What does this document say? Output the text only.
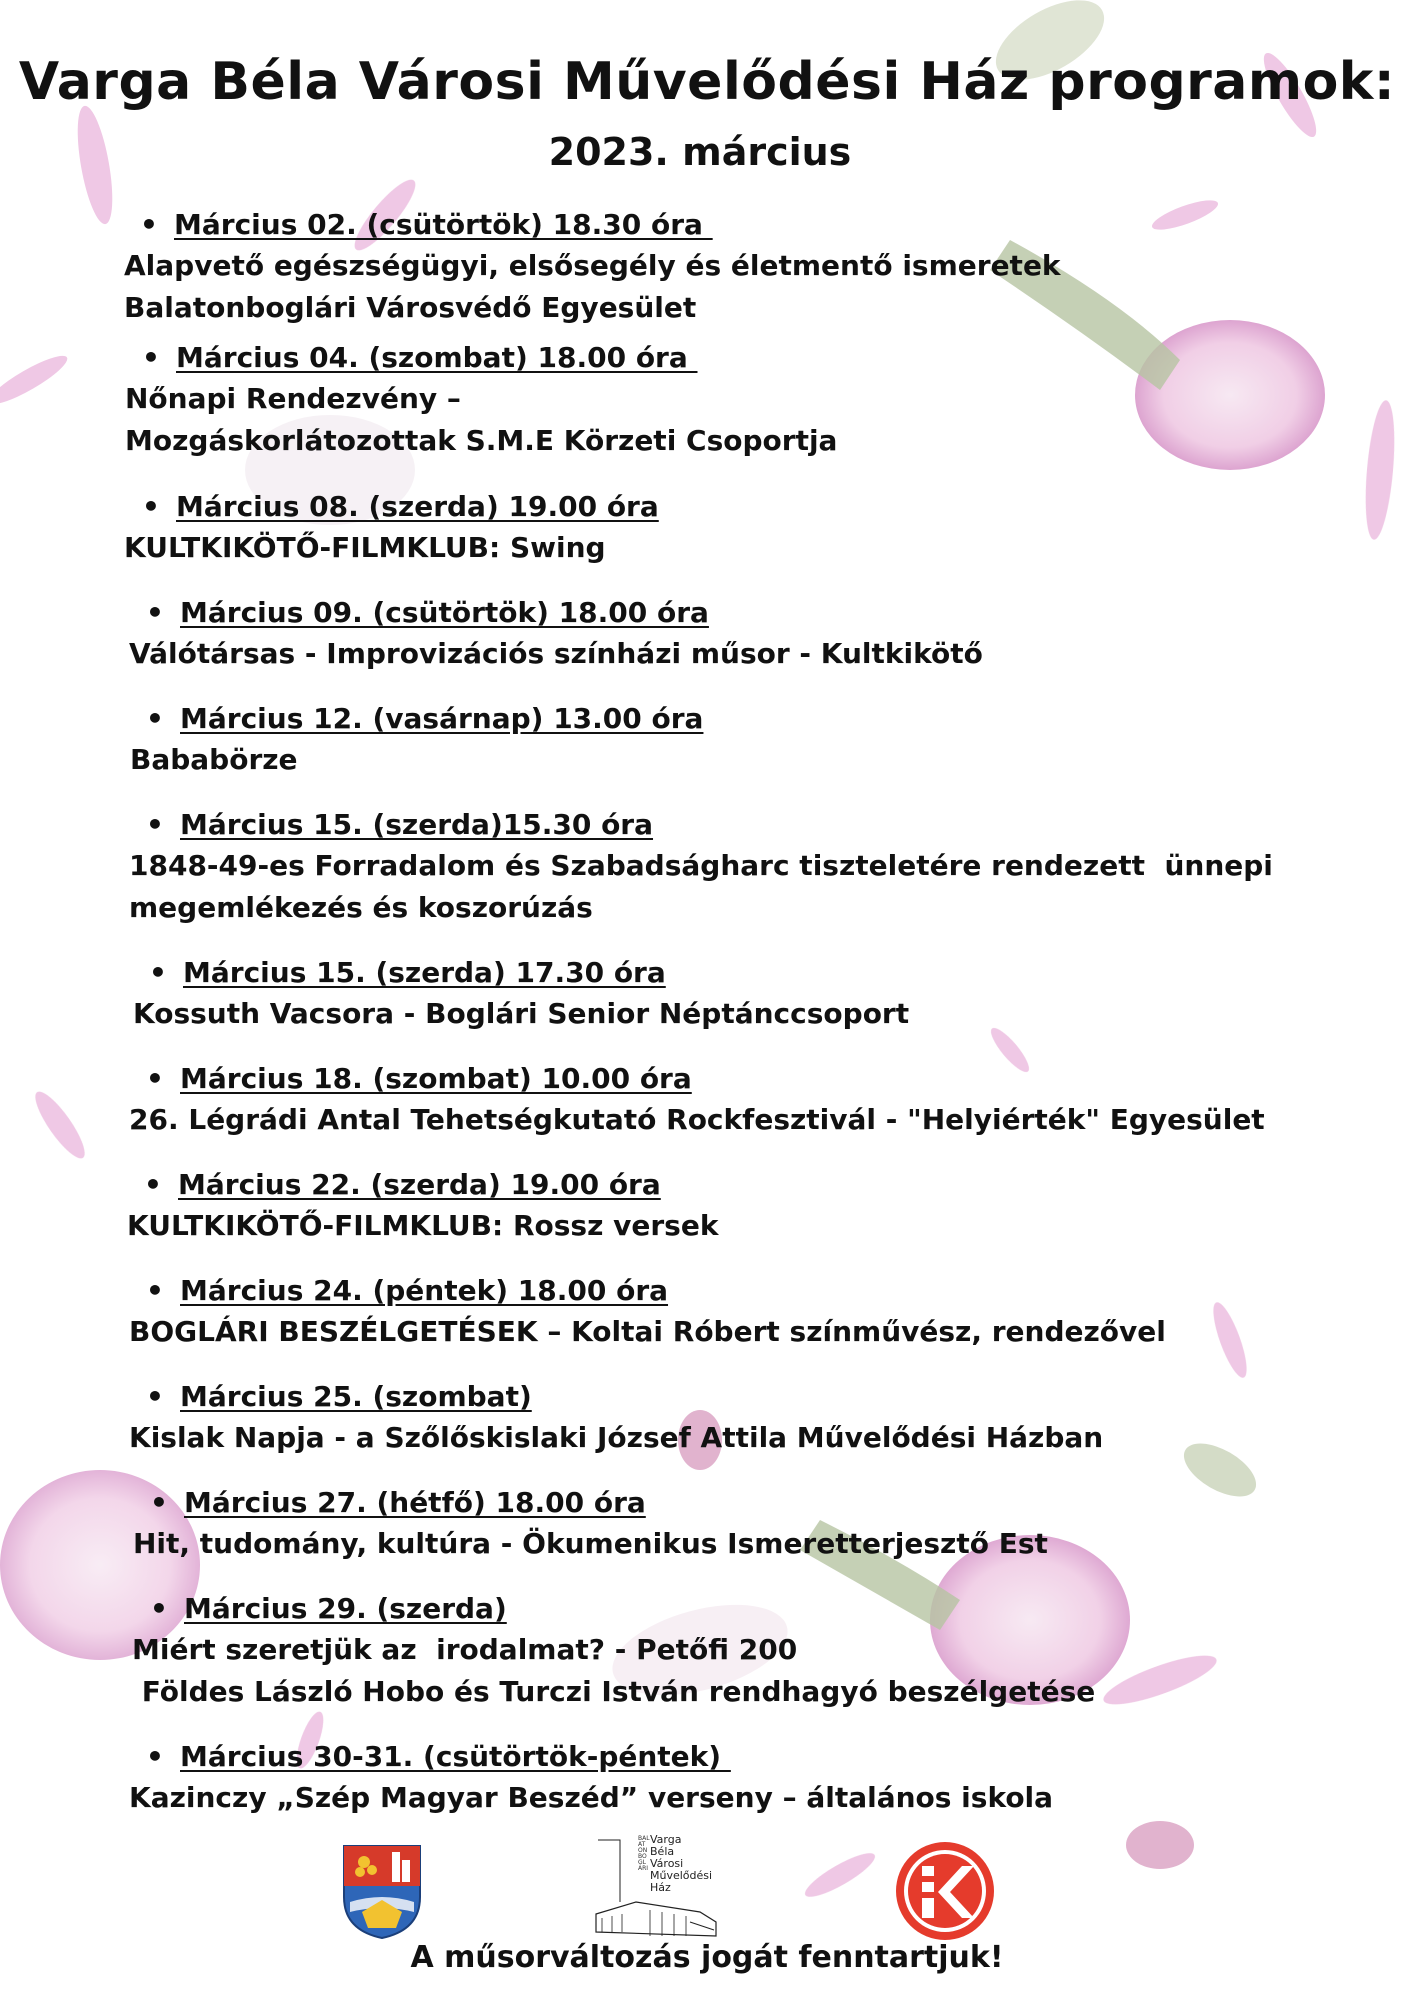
Varga Béla Városi Művelődési Ház programok:
2023. március
• Március 02. (csütörtök) 18.30 óra
Alapvető egészségügyi, elsősegély és életmentő ismeretek
Balatonboglári Városvédő Egyesület
• Március 04. (szombat) 18.00 óra
Nőnapi Rendezvény –
Mozgáskorlátozottak S.M.E Körzeti Csoportja
• Március 08. (szerda) 19.00 óra
KULTKIKÖTŐ-FILMKLUB: Swing
• Március 09. (csütörtök) 18.00 óra
Válótársas - Improvizációs színházi műsor - Kultkikötő
• Március 12. (vasárnap) 13.00 óra
Bababörze
• Március 15. (szerda)15.30 óra
1848-49-es Forradalom és Szabadságharc tiszteletére rendezett  ünnepi
megemlékezés és koszorúzás
• Március 15. (szerda) 17.30 óra
Kossuth Vacsora - Boglári Senior Néptánccsoport
• Március 18. (szombat) 10.00 óra
26. Légrádi Antal Tehetségkutató Rockfesztivál - "Helyiérték" Egyesület
• Március 22. (szerda) 19.00 óra
KULTKIKÖTŐ-FILMKLUB: Rossz versek
• Március 24. (péntek) 18.00 óra
BOGLÁRI BESZÉLGETÉSEK – Koltai Róbert színművész, rendezővel
• Március 25. (szombat)
Kislak Napja - a Szőlőskislaki József Attila Művelődési Házban
• Március 27. (hétfő) 18.00 óra
Hit, tudomány, kultúra - Ökumenikus Ismeretterjesztő Est
• Március 29. (szerda)
Miért szeretjük az  irodalmat? - Petőfi 200
Földes László Hobo és Turczi István rendhagyó beszélgetése
• Március 30-31. (csütörtök-péntek)
Kazinczy „Szép Magyar Beszéd” verseny – általános iskola
BALATONBOGLÁRI
Varga
Béla
Városi
Művelődési
Ház
A műsorváltozás jogát fenntartjuk!
